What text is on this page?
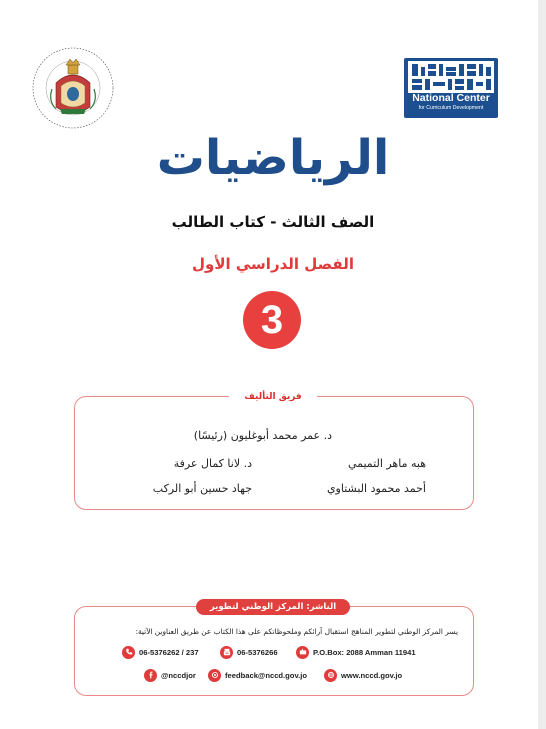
National Center
for Curriculum Development
الرياضيات
الصف الثالث - كتاب الطالب
الفصل الدراسي الأول
3
فريق التأليف
د. عمر محمد أبوغليون (رئيسًا)
هبه ماهر التميمي
د. لانا كمال عرفة
أحمد محمود البشتاوي
جهاد حسين أبو الركب
الناشر: المركز الوطني لتطوير المناهج
يسر المركز الوطني لتطوير المناهج استقبال آرائكم وملحوظاتكم على هذا الكتاب عن طريق العناوين الآتية:
06-5376262 / 237	06-5376266	P.O.Box: 2088 Amman 11941
@nccdjor	feedback@nccd.gov.jo	www.nccd.gov.jo
